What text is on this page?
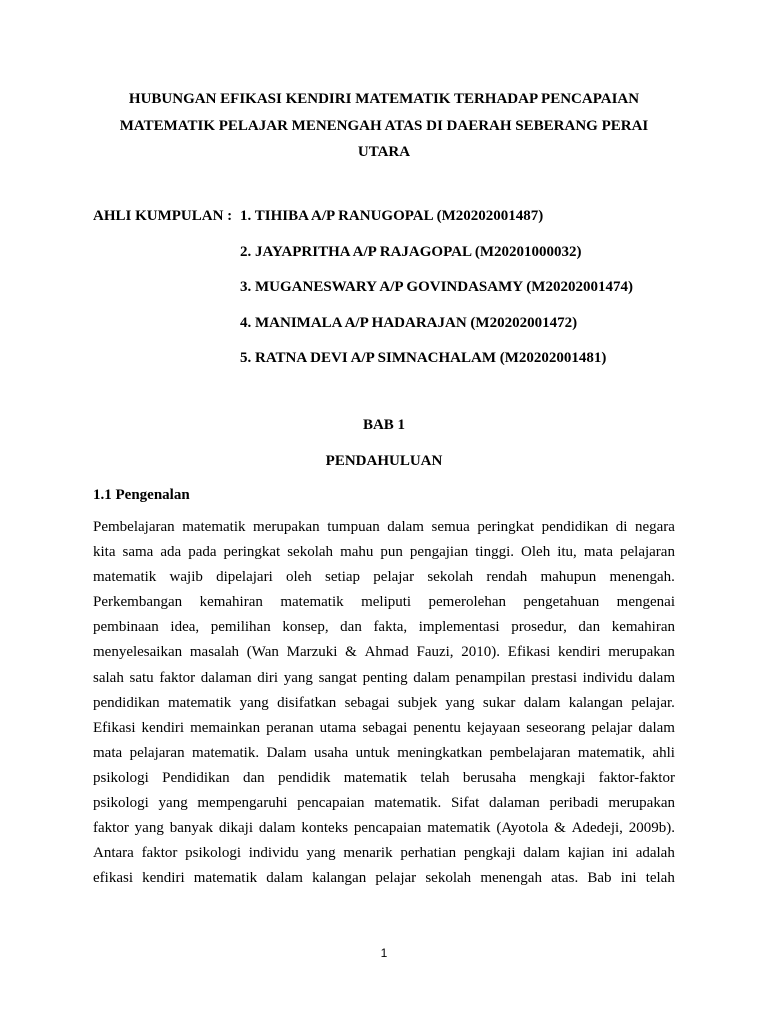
HUBUNGAN EFIKASI KENDIRI MATEMATIK TERHADAP PENCAPAIAN
MATEMATIK PELAJAR MENENGAH ATAS DI DAERAH SEBERANG PERAI
UTARA
AHLI KUMPULAN : 1. TIHIBA A/P RANUGOPAL (M20202001487)
2. JAYAPRITHA A/P RAJAGOPAL (M20201000032)
3. MUGANESWARY A/P GOVINDASAMY (M20202001474)
4. MANIMALA A/P HADARAJAN (M20202001472)
5. RATNA DEVI A/P SIMNACHALAM (M20202001481)
BAB 1
PENDAHULUAN
1.1 Pengenalan
Pembelajaran matematik merupakan tumpuan dalam semua peringkat pendidikan di negara
kita sama ada pada peringkat sekolah mahu pun pengajian tinggi. Oleh itu, mata pelajaran
matematik wajib dipelajari oleh setiap pelajar sekolah rendah mahupun menengah.
Perkembangan kemahiran matematik meliputi pemerolehan pengetahuan mengenai
pembinaan idea, pemilihan konsep, dan fakta, implementasi prosedur, dan kemahiran
menyelesaikan masalah (Wan Marzuki & Ahmad Fauzi, 2010). Efikasi kendiri merupakan
salah satu faktor dalaman diri yang sangat penting dalam penampilan prestasi individu dalam
pendidikan matematik yang disifatkan sebagai subjek yang sukar dalam kalangan pelajar.
Efikasi kendiri memainkan peranan utama sebagai penentu kejayaan seseorang pelajar dalam
mata pelajaran matematik. Dalam usaha untuk meningkatkan pembelajaran matematik, ahli
psikologi Pendidikan dan pendidik matematik telah berusaha mengkaji faktor-faktor
psikologi yang mempengaruhi pencapaian matematik. Sifat dalaman peribadi merupakan
faktor yang banyak dikaji dalam konteks pencapaian matematik (Ayotola & Adedeji, 2009b).
Antara faktor psikologi individu yang menarik perhatian pengkaji dalam kajian ini adalah
efikasi kendiri matematik dalam kalangan pelajar sekolah menengah atas. Bab ini telah
1
